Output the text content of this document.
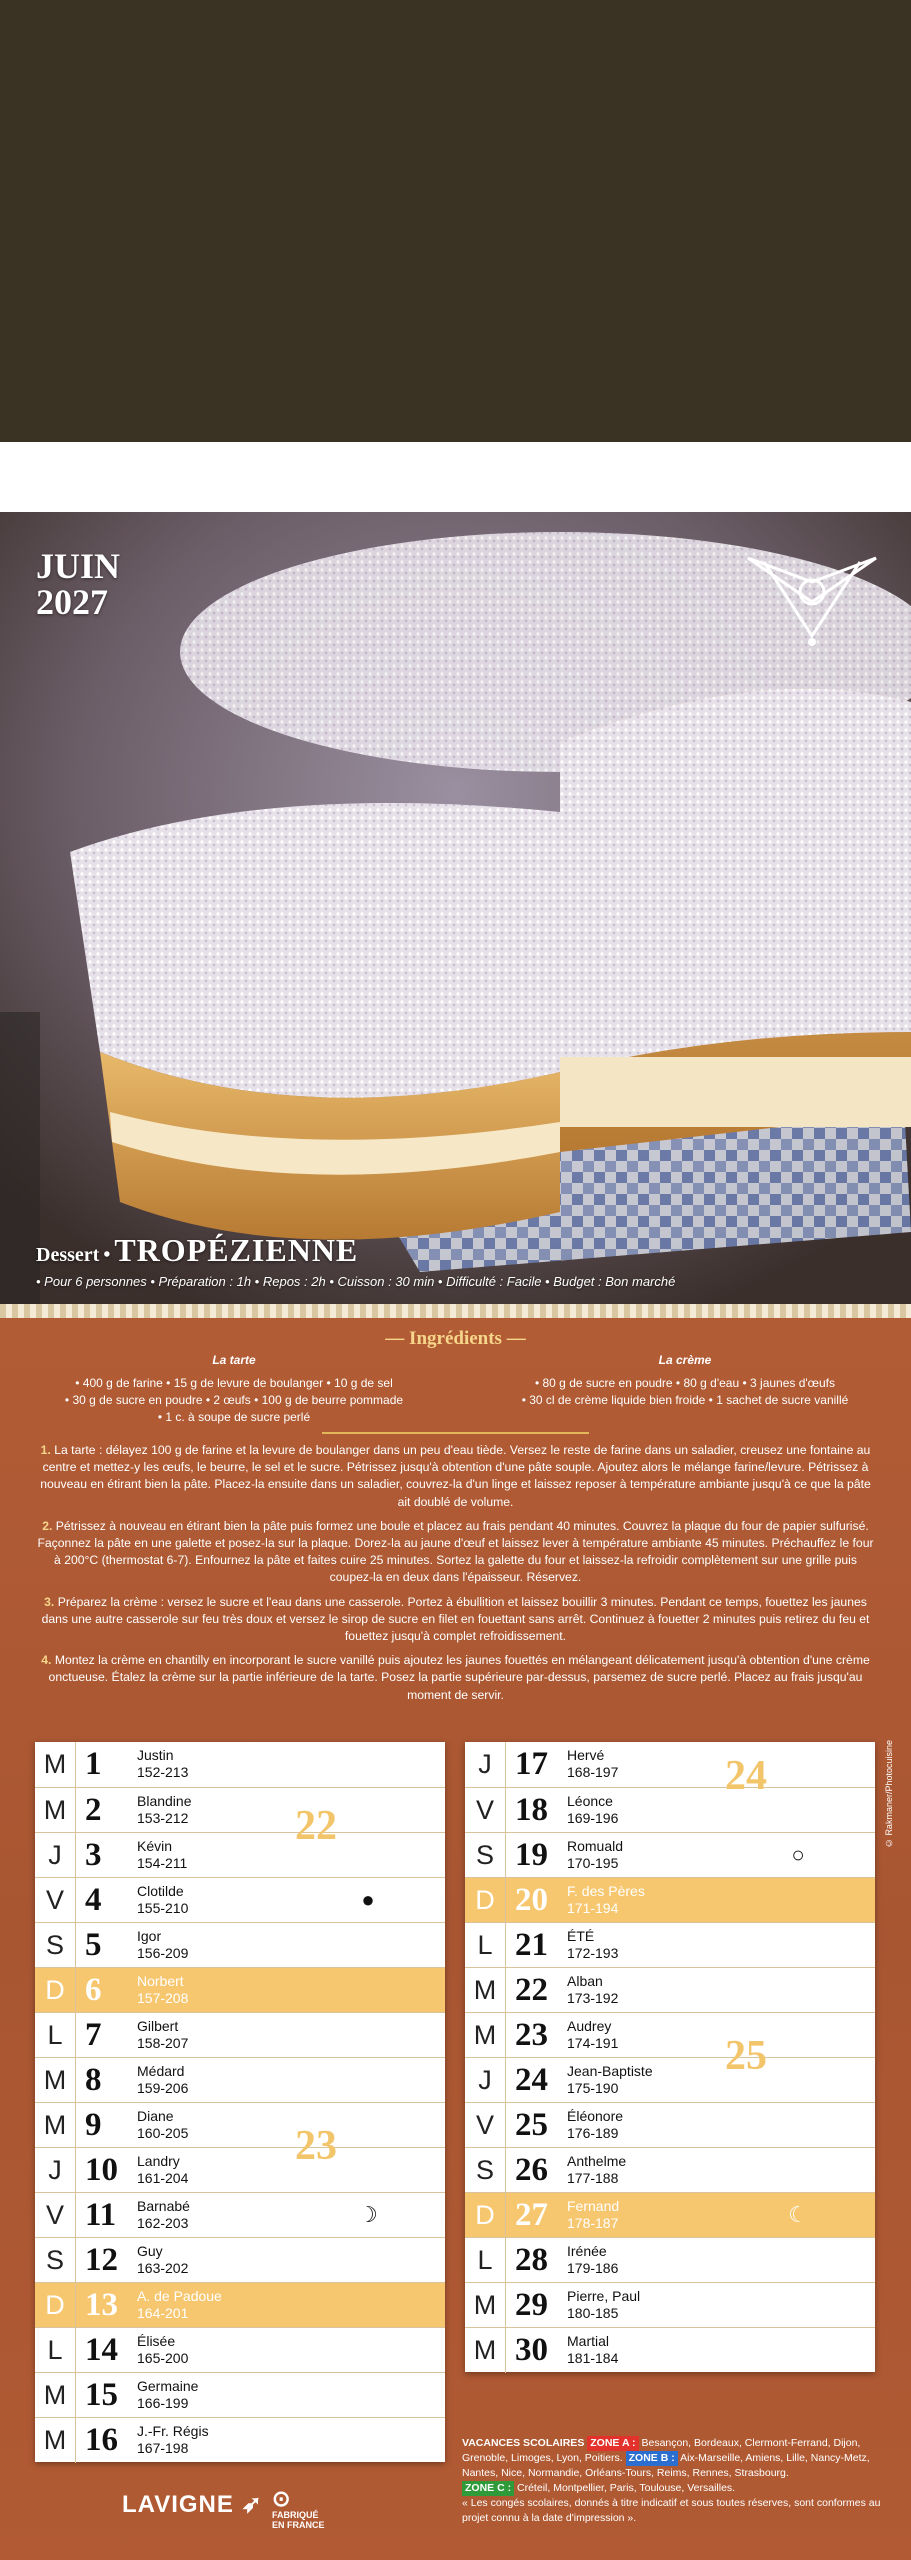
JUIN
2027
Dessert • TROPÉZIENNE
• Pour 6 personnes • Préparation : 1h • Repos : 2h • Cuisson : 30 min • Difficulté : Facile • Budget : Bon marché
— Ingrédients —
La tarte
• 400 g de farine • 15 g de levure de boulanger • 10 g de sel
• 30 g de sucre en poudre • 2 œufs • 100 g de beurre pommade
• 1 c. à soupe de sucre perlé
La crème
• 80 g de sucre en poudre • 80 g d'eau • 3 jaunes d'œufs
• 30 cl de crème liquide bien froide • 1 sachet de sucre vanillé

1. La tarte : délayez 100 g de farine et la levure de boulanger dans un peu d'eau tiède. Versez le reste de farine dans un saladier, creusez une fontaine au centre et mettez-y les œufs, le beurre, le sel et le sucre. Pétrissez jusqu'à obtention d'une pâte souple. Ajoutez alors le mélange farine/levure. Pétrissez à nouveau en étirant bien la pâte. Placez-la ensuite dans un saladier, couvrez-la d'un linge et laissez reposer à température ambiante jusqu'à ce que la pâte ait doublé de volume.

2. Pétrissez à nouveau en étirant bien la pâte puis formez une boule et placez au frais pendant 40 minutes. Couvrez la plaque du four de papier sulfurisé. Façonnez la pâte en une galette et posez-la sur la plaque. Dorez-la au jaune d'œuf et laissez lever à température ambiante 45 minutes. Préchauffez le four à 200°C (thermostat 6-7). Enfournez la pâte et faites cuire 25 minutes. Sortez la galette du four et laissez-la refroidir complètement sur une grille puis coupez-la en deux dans l'épaisseur. Réservez.

3. Préparez la crème : versez le sucre et l'eau dans une casserole. Portez à ébullition et laissez bouillir 3 minutes. Pendant ce temps, fouettez les jaunes dans une autre casserole sur feu très doux et versez le sirop de sucre en filet en fouettant sans arrêt. Continuez à fouetter 2 minutes puis retirez du feu et fouettez jusqu'à complet refroidissement.

4. Montez la crème en chantilly en incorporant le sucre vanillé puis ajoutez les jaunes fouettés en mélangeant délicatement jusqu'à obtention d'une crème onctueuse. Étalez la crème sur la partie inférieure de la tarte. Posez la partie supérieure par-dessus, parsemez de sucre perlé. Placez au frais jusqu'au moment de servir.

M 1	Justin
152-213
M 2	Blandine
153-212
J 3	Kévin
154-211
V 4	Clotilde
155-210	●
S 5	Igor
156-209
D 6	Norbert
157-208
L 7	Gilbert
158-207
M 8	Médard
159-206
M 9	Diane
160-205
J 10	Landry
161-204
V 11	Barnabé
162-203	☽
S 12	Guy
163-202
D 13	A. de Padoue
164-201
L 14	Élisée
165-200
M 15	Germaine
166-199
M 16	J.-Fr. Régis
167-198
22
23
J 17	Hervé
168-197
V 18	Léonce
169-196
S 19	Romuald
170-195	○
D 20	F. des Pères
171-194
L 21	ÉTÉ
172-193
M 22	Alban
173-192
M 23	Audrey
174-191
J 24	Jean-Baptiste
175-190
V 25	Éléonore
176-189
S 26	Anthelme
177-188
D 27	Fernand
178-187	☾
L 28	Irénée
179-186
M 29	Pierre, Paul
180-185
M 30	Martial
181-184
24
25
© Rakmaner/Photocuisine
VACANCES SCOLAIRES ZONE A : Besançon, Bordeaux, Clermont-Ferrand, Dijon, Grenoble, Limoges, Lyon, Poitiers. ZONE B : Aix-Marseille, Amiens, Lille, Nancy-Metz, Nantes, Nice, Normandie, Orléans-Tours, Reims, Rennes, Strasbourg.
ZONE C : Créteil, Montpellier, Paris, Toulouse, Versailles.
« Les congés scolaires, donnés à titre indicatif et sous toutes réserves, sont conformes au projet connu à la date d'impression ».
LAVIGNE ➶ ⊙
FABRIQUÉ
EN FRANCE
